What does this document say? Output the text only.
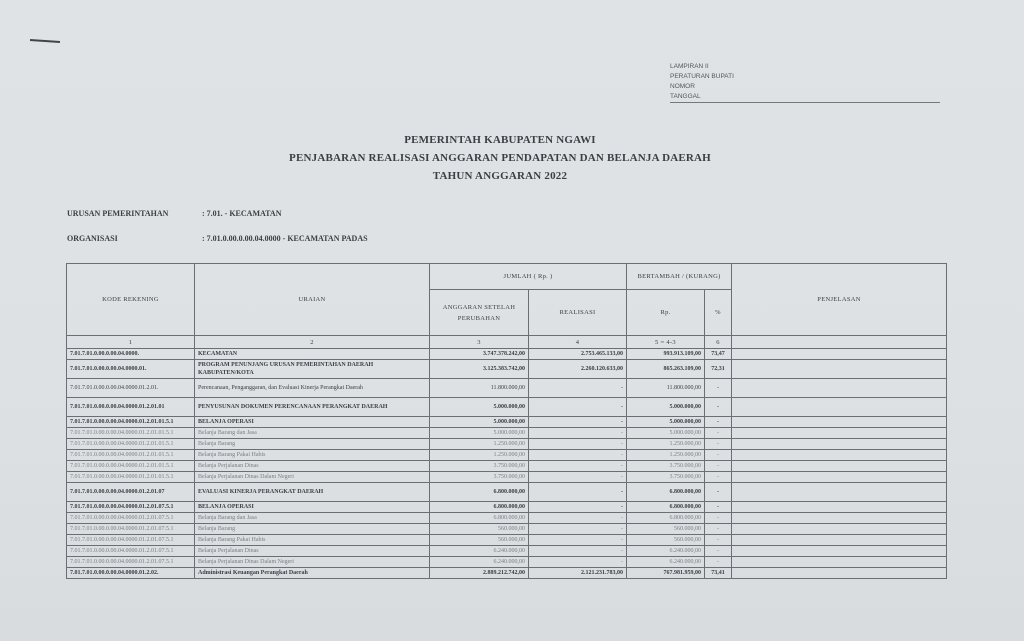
LAMPIRAN II
PERATURAN BUPATI
NOMOR
TANGGAL
PEMERINTAH KABUPATEN NGAWI
PENJABARAN REALISASI ANGGARAN PENDAPATAN DAN BELANJA DAERAH
TAHUN ANGGARAN 2022
URUSAN PEMERINTAHAN	: 7.01. - KECAMATAN
ORGANISASI	: 7.01.0.00.0.00.04.0000 - KECAMATAN PADAS
KODE REKENING	URAIAN	JUMLAH ( Rp. )		BERTAMBAH / (KURANG)		PENJELASAN
		ANGGARAN SETELAH PERUBAHAN	REALISASI	Rp.	%	
1	2	3	4	5 = 4-3	6	
7.01.7.01.0.00.0.00.04.0000.	KECAMATAN	3.747.378.242,00	2.753.465.133,00	993.913.109,00	73,47	
7.01.7.01.0.00.0.00.04.0000.01.	PROGRAM PENUNJANG URUSAN PEMERINTAHAN DAERAH KABUPATEN/KOTA	3.125.383.742,00	2.260.120.633,00	865.263.109,00	72,31	
7.01.7.01.0.00.0.00.04.0000.01.2.01.	Perencanaan, Penganggaran, dan Evaluasi Kinerja Perangkat Daerah	11.800.000,00	-	11.800.000,00	-	
7.01.7.01.0.00.0.00.04.0000.01.2.01.01	PENYUSUNAN DOKUMEN PERENCANAAN PERANGKAT DAERAH	5.000.000,00	-	5.000.000,00	-	
7.01.7.01.0.00.0.00.04.0000.01.2.01.01.5.1	BELANJA OPERASI	5.000.000,00	-	5.000.000,00	-	
7.01.7.01.0.00.0.00.04.0000.01.2.01.01.5.1	Belanja Barang dan Jasa	5.000.000,00	-	5.000.000,00	-	
7.01.7.01.0.00.0.00.04.0000.01.2.01.01.5.1	Belanja Barang	1.250.000,00	-	1.250.000,00	-	
7.01.7.01.0.00.0.00.04.0000.01.2.01.01.5.1	Belanja Barang Pakai Habis	1.250.000,00	-	1.250.000,00	-	
7.01.7.01.0.00.0.00.04.0000.01.2.01.01.5.1	Belanja Perjalanan Dinas	3.750.000,00	-	3.750.000,00	-	
7.01.7.01.0.00.0.00.04.0000.01.2.01.01.5.1	Belanja Perjalanan Dinas Dalam Negeri	3.750.000,00	-	3.750.000,00	-	
7.01.7.01.0.00.0.00.04.0000.01.2.01.07	EVALUASI KINERJA PERANGKAT DAERAH	6.800.000,00	-	6.800.000,00	-	
7.01.7.01.0.00.0.00.04.0000.01.2.01.07.5.1	BELANJA OPERASI	6.800.000,00	-	6.800.000,00	-	
7.01.7.01.0.00.0.00.04.0000.01.2.01.07.5.1	Belanja Barang dan Jasa	6.800.000,00	-	6.800.000,00	-	
7.01.7.01.0.00.0.00.04.0000.01.2.01.07.5.1	Belanja Barang	560.000,00	-	560.000,00	-	
7.01.7.01.0.00.0.00.04.0000.01.2.01.07.5.1	Belanja Barang Pakai Habis	560.000,00	-	560.000,00	-	
7.01.7.01.0.00.0.00.04.0000.01.2.01.07.5.1	Belanja Perjalanan Dinas	6.240.000,00	-	6.240.000,00	-	
7.01.7.01.0.00.0.00.04.0000.01.2.01.07.5.1	Belanja Perjalanan Dinas Dalam Negeri	6.240.000,00	-	6.240.000,00	-	
7.01.7.01.0.00.0.00.04.0000.01.2.02.	Administrasi Keuangan Perangkat Daerah	2.889.212.742,00	2.121.231.783,00	767.981.959,00	73,41	
